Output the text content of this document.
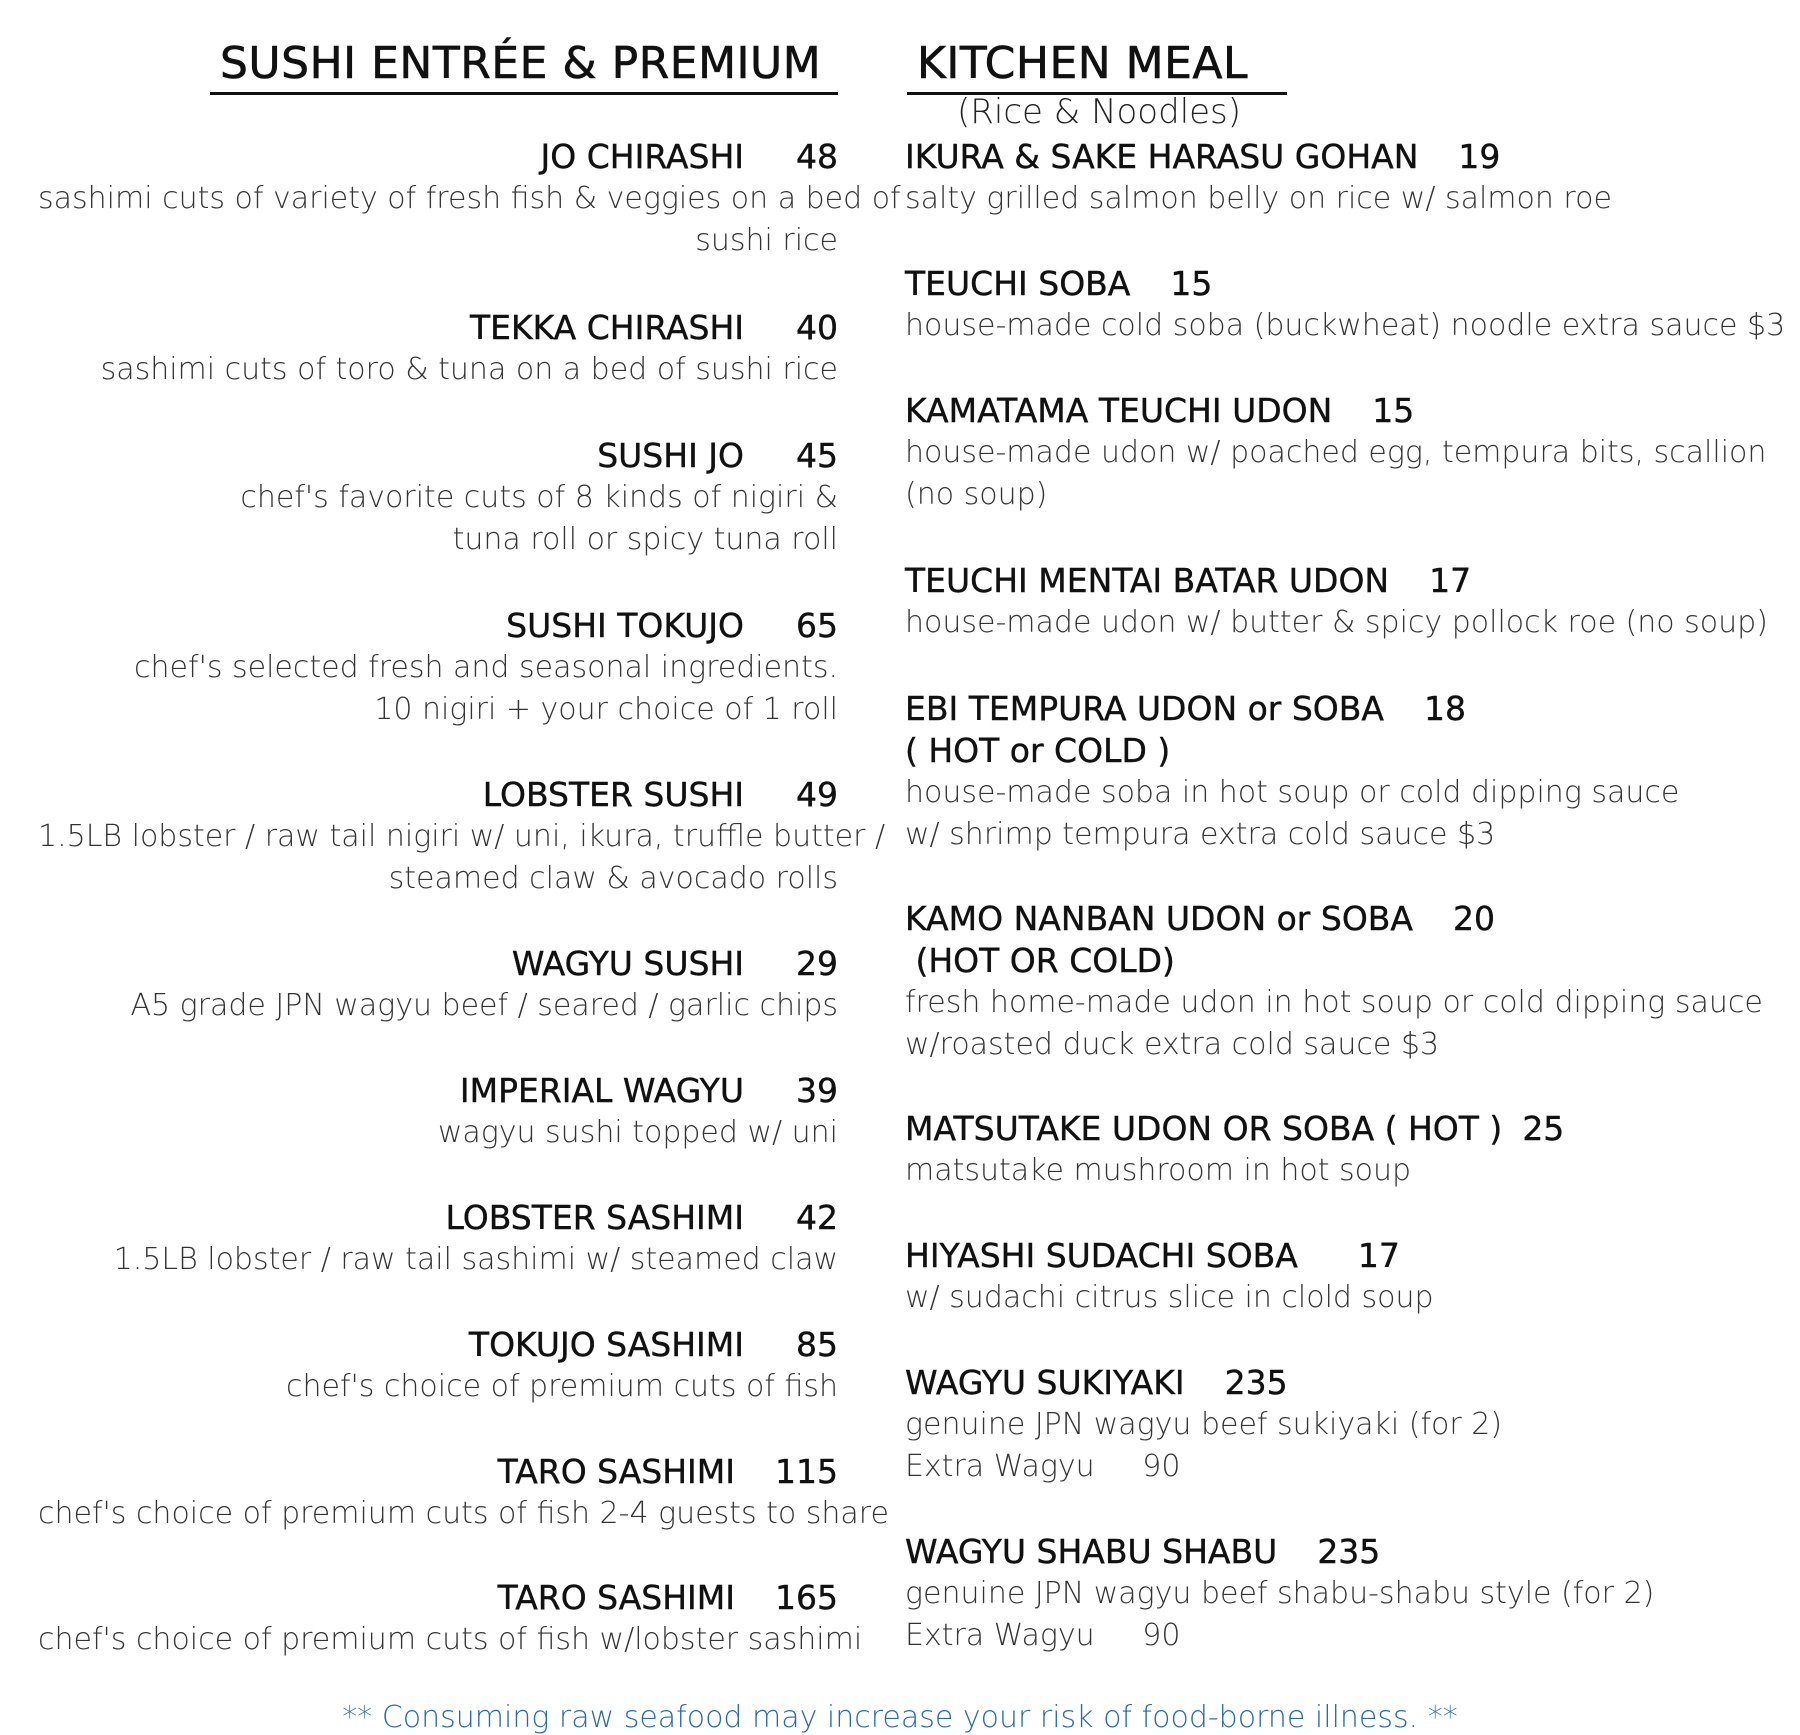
SUSHI ENTRÉE & PREMIUM
JO CHIRASHI 48
sashimi cuts of variety of fresh fish & veggies on a bed of
sushi rice
TEKKA CHIRASHI 40
sashimi cuts of toro & tuna on a bed of sushi rice
SUSHI JO 45
chef's favorite cuts of 8 kinds of nigiri &
tuna roll or spicy tuna roll
SUSHI TOKUJO 65
chef's selected fresh and seasonal ingredients.
10 nigiri + your choice of 1 roll
LOBSTER SUSHI 49
1.5LB lobster / raw tail nigiri w/ uni, ikura, truffle butter /
steamed claw & avocado rolls
WAGYU SUSHI 29
A5 grade JPN wagyu beef / seared / garlic chips
IMPERIAL WAGYU 39
wagyu sushi topped w/ uni
LOBSTER SASHIMI 42
1.5LB lobster / raw tail sashimi w/ steamed claw
TOKUJO SASHIMI 85
chef's choice of premium cuts of fish
TARO SASHIMI 115
chef's choice of premium cuts of fish 2-4 guests to share
TARO SASHIMI 165
chef's choice of premium cuts of fish w/lobster sashimi
KITCHEN MEAL
(Rice & Noodles)
IKURA & SAKE HARASU GOHAN 19
salty grilled salmon belly on rice w/ salmon roe
TEUCHI SOBA 15
house-made cold soba (buckwheat) noodle extra sauce $3
KAMATAMA TEUCHI UDON 15
house-made udon w/ poached egg, tempura bits, scallion
(no soup)
TEUCHI MENTAI BATAR UDON 17
house-made udon w/ butter & spicy pollock roe (no soup)
EBI TEMPURA UDON or SOBA 18
( HOT or COLD )
house-made soba in hot soup or cold dipping sauce
w/ shrimp tempura extra cold sauce $3
KAMO NANBAN UDON or SOBA 20
(HOT OR COLD)
fresh home-made udon in hot soup or cold dipping sauce
w/roasted duck extra cold sauce $3
MATSUTAKE UDON OR SOBA ( HOT ) 25
matsutake mushroom in hot soup
HIYASHI SUDACHI SOBA 17
w/ sudachi citrus slice in clold soup
WAGYU SUKIYAKI 235
genuine JPN wagyu beef sukiyaki (for 2)
Extra Wagyu     90
WAGYU SHABU SHABU 235
genuine JPN wagyu beef shabu-shabu style (for 2)
Extra Wagyu     90
** Consuming raw seafood may increase your risk of food-borne illness. **
